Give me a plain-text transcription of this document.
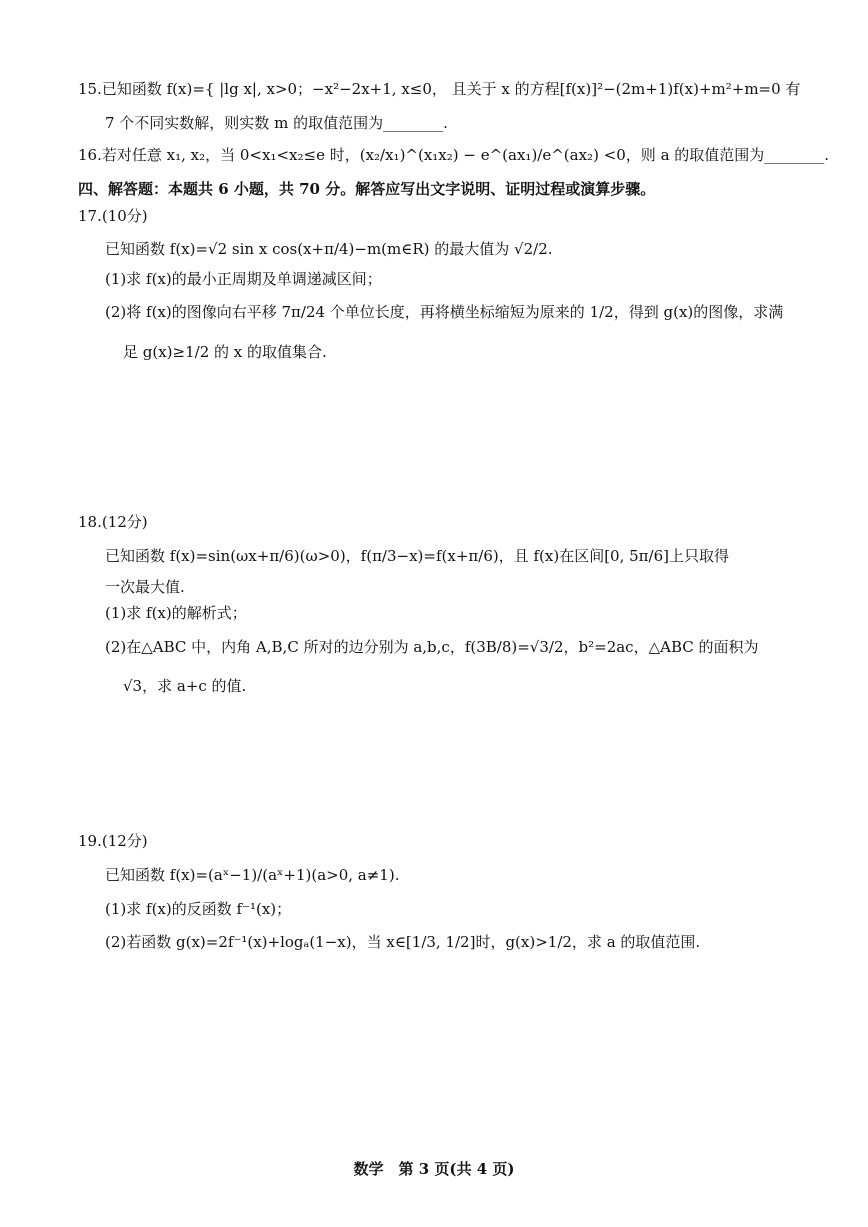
15.已知函数 f(x)={ |lg x|, x>0；−x²−2x+1, x≤0， 且关于 x 的方程[f(x)]²−(2m+1)f(x)+m²+m=0 有
7 个不同实数解，则实数 m 的取值范围为________.
16.若对任意 x₁, x₂，当 0<x₁<x₂≤e 时，(x₂/x₁)^(x₁x₂) − e^(ax₁)/e^(ax₂) <0，则 a 的取值范围为________.
四、解答题：本题共 6 小题，共 70 分。解答应写出文字说明、证明过程或演算步骤。
17.(10分)
已知函数 f(x)=√2 sin x cos(x+π/4)−m(m∈R) 的最大值为 √2/2.
(1)求 f(x)的最小正周期及单调递减区间；
(2)将 f(x)的图像向右平移 7π/24 个单位长度，再将横坐标缩短为原来的 1/2，得到 g(x)的图像，求满
足 g(x)≥1/2 的 x 的取值集合.
18.(12分)
已知函数 f(x)=sin(ωx+π/6)(ω>0)，f(π/3−x)=f(x+π/6)，且 f(x)在区间[0, 5π/6]上只取得
一次最大值.
(1)求 f(x)的解析式；
(2)在△ABC 中，内角 A,B,C 所对的边分别为 a,b,c，f(3B/8)=√3/2，b²=2ac，△ABC 的面积为
√3，求 a+c 的值.
19.(12分)
已知函数 f(x)=(aˣ−1)/(aˣ+1)(a>0, a≠1).
(1)求 f(x)的反函数 f⁻¹(x)；
(2)若函数 g(x)=2f⁻¹(x)+logₐ(1−x)，当 x∈[1/3, 1/2]时，g(x)>1/2，求 a 的取值范围.
数学　第 3 页(共 4 页)
